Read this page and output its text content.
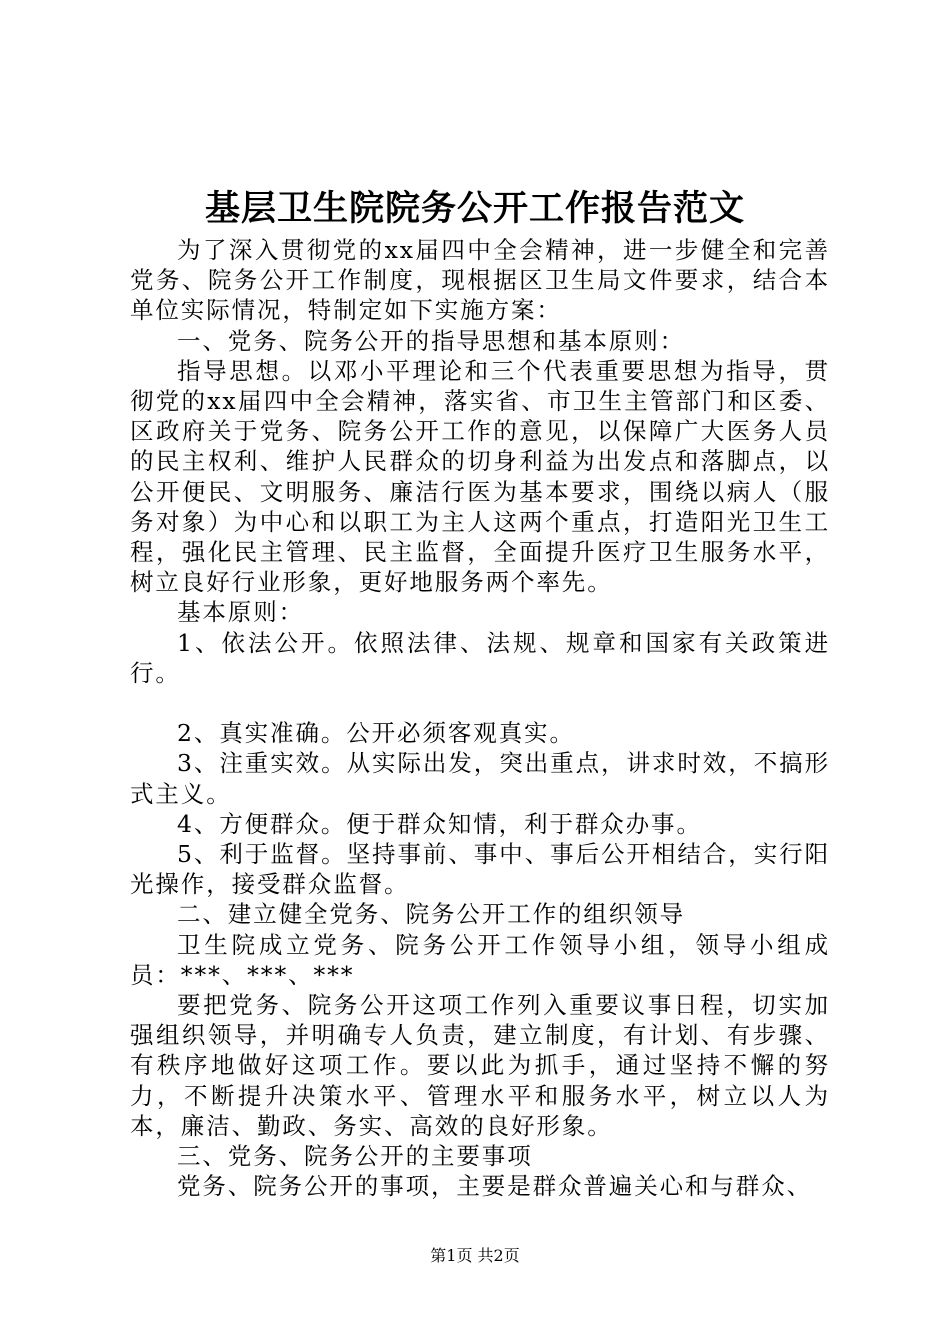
基层卫生院院务公开工作报告范文

为了深入贯彻党的xx届四中全会精神，进一步健全和完善党务、院务公开工作制度，现根据区卫生局文件要求，结合本单位实际情况，特制定如下实施方案：

一、党务、院务公开的指导思想和基本原则：

指导思想。以邓小平理论和三个代表重要思想为指导，贯彻党的xx届四中全会精神，落实省、市卫生主管部门和区委、区政府关于党务、院务公开工作的意见，以保障广大医务人员的民主权利、维护人民群众的切身利益为出发点和落脚点，以公开便民、文明服务、廉洁行医为基本要求，围绕以病人（服务对象）为中心和以职工为主人这两个重点，打造阳光卫生工程，强化民主管理、民主监督，全面提升医疗卫生服务水平，树立良好行业形象，更好地服务两个率先。

基本原则：

1、依法公开。依照法律、法规、规章和国家有关政策进行。

2、真实准确。公开必须客观真实。

3、注重实效。从实际出发，突出重点，讲求时效，不搞形式主义。

4、方便群众。便于群众知情，利于群众办事。

5、利于监督。坚持事前、事中、事后公开相结合，实行阳光操作，接受群众监督。

二、建立健全党务、院务公开工作的组织领导

卫生院成立党务、院务公开工作领导小组，领导小组成员：***、***、***

要把党务、院务公开这项工作列入重要议事日程，切实加强组织领导，并明确专人负责，建立制度，有计划、有步骤、有秩序地做好这项工作。要以此为抓手，通过坚持不懈的努力，不断提升决策水平、管理水平和服务水平，树立以人为本，廉洁、勤政、务实、高效的良好形象。

三、党务、院务公开的主要事项

党务、院务公开的事项，主要是群众普遍关心和与群众、

第1页 共2页
